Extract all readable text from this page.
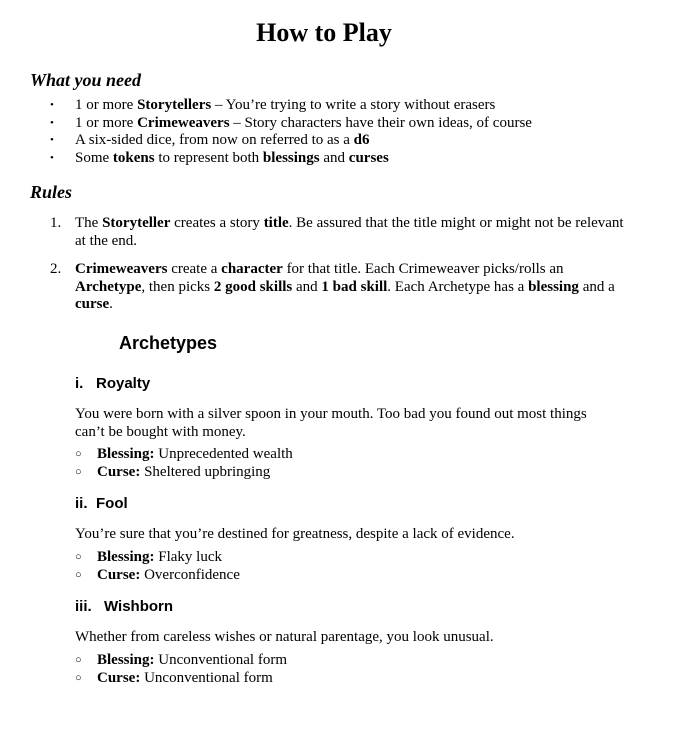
How to Play
What you need
• 1 or more Storytellers – You’re trying to write a story without erasers
• 1 or more Crimeweavers – Story characters have their own ideas, of course
• A six-sided dice, from now on referred to as a d6
• Some tokens to represent both blessings and curses
Rules
1. The Storyteller creates a story title. Be assured that the title might or might not be relevant at the end.
2. Crimeweavers create a character for that title. Each Crimeweaver picks/rolls an Archetype, then picks 2 good skills and 1 bad skill. Each Archetype has a blessing and a curse.
Archetypes
i. Royalty

You were born with a silver spoon in your mouth. Too bad you found out most things can’t be bought with money.

○ Blessing: Unprecedented wealth
○ Curse: Sheltered upbringing
ii. Fool

You’re sure that you’re destined for greatness, despite a lack of evidence.

○ Blessing: Flaky luck
○ Curse: Overconfidence
iii. Wishborn

Whether from careless wishes or natural parentage, you look unusual.

○ Blessing: Unconventional form
○ Curse: Unconventional form
